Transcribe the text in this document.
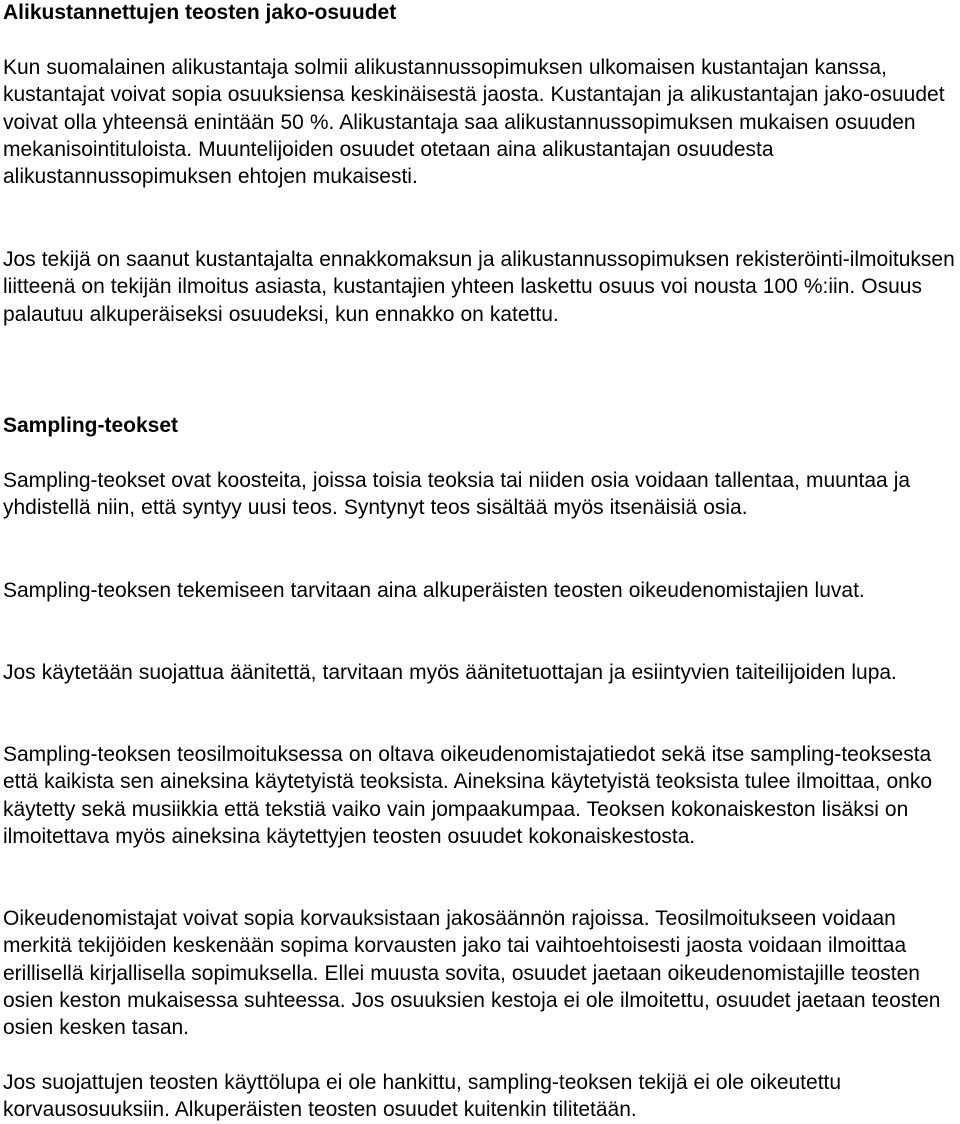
Alikustannettujen teosten jako-osuudet

Kun suomalainen alikustantaja solmii alikustannussopimuksen ulkomaisen kustantajan kanssa, kustantajat voivat sopia osuuksiensa keskinäisestä jaosta. Kustantajan ja alikustantajan jako-osuudet voivat olla yhteensä enintään 50 %. Alikustantaja saa alikustannussopimuksen mukaisen osuuden mekanisointituloista. Muuntelijoiden osuudet otetaan aina alikustantajan osuudesta alikustannussopimuksen ehtojen mukaisesti.

Jos tekijä on saanut kustantajalta ennakkomaksun ja alikustannussopimuksen rekisteröinti-ilmoituksen liitteenä on tekijän ilmoitus asiasta, kustantajien yhteen laskettu osuus voi nousta 100 %:iin. Osuus palautuu alkuperäiseksi osuudeksi, kun ennakko on katettu.

Sampling-teokset

Sampling-teokset ovat koosteita, joissa toisia teoksia tai niiden osia voidaan tallentaa, muuntaa ja yhdistellä niin, että syntyy uusi teos. Syntynyt teos sisältää myös itsenäisiä osia.

Sampling-teoksen tekemiseen tarvitaan aina alkuperäisten teosten oikeudenomistajien luvat.

Jos käytetään suojattua äänitettä, tarvitaan myös äänitetuottajan ja esiintyvien taiteilijoiden lupa.

Sampling-teoksen teosilmoituksessa on oltava oikeudenomistajatiedot sekä itse sampling-teoksesta että kaikista sen aineksina käytetyistä teoksista. Aineksina käytetyistä teoksista tulee ilmoittaa, onko käytetty sekä musiikkia että tekstiä vaiko vain jompaakumpaa. Teoksen kokonaiskeston lisäksi on ilmoitettava myös aineksina käytettyjen teosten osuudet kokonaiskestosta.

Oikeudenomistajat voivat sopia korvauksistaan jakosäännön rajoissa. Teosilmoitukseen voidaan merkitä tekijöiden keskenään sopima korvausten jako tai vaihtoehtoisesti jaosta voidaan ilmoittaa erillisellä kirjallisella sopimuksella. Ellei muusta sovita, osuudet jaetaan oikeudenomistajille teosten osien keston mukaisessa suhteessa. Jos osuuksien kestoja ei ole ilmoitettu, osuudet jaetaan teosten osien kesken tasan.

Jos suojattujen teosten käyttölupa ei ole hankittu, sampling-teoksen tekijä ei ole oikeutettu korvausosuuksiin. Alkuperäisten teosten osuudet kuitenkin tilitetään.
